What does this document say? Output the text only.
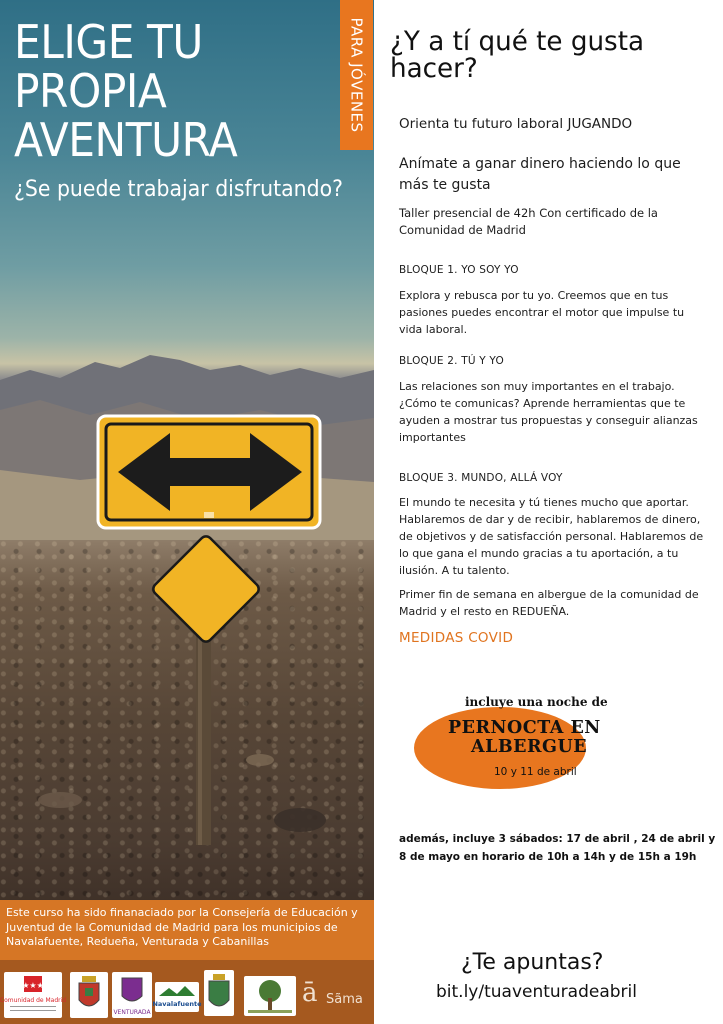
ELIGE TU
PROPIA
AVENTURA
¿Se puede trabajar disfrutando?
PARA JÓVENES
Este curso ha sido finanaciado por la Consejería de Educación y Juventud de la Comunidad de Madrid para los municipios de Navalafuente, Redueña, Venturada y Cabanillas
★★★
Comunidad de Madrid
VENTURADA
Navalafuente	ā Sãma
¿Y a tí qué te gusta
hacer?
Orienta tu futuro laboral JUGANDO
Anímate a ganar dinero haciendo lo que más te gusta
Taller presencial de 42h Con certificado de la Comunidad de Madrid
BLOQUE 1. YO SOY YO
Explora y rebusca por tu yo. Creemos que en tus pasiones puedes encontrar el motor que impulse tu vida laboral.
BLOQUE 2. TÚ Y YO
Las relaciones son muy importantes en el trabajo. ¿Cómo te comunicas? Aprende herramientas que te ayuden a mostrar tus propuestas y conseguir alianzas importantes
BLOQUE 3. MUNDO, ALLÁ VOY
El mundo te necesita y tú tienes mucho que aportar. Hablaremos de dar y de recibir, hablaremos de dinero, de objetivos y de satisfacción personal. Hablaremos de lo que gana el mundo gracias a tu aportación, a tu ilusión. A tu talento.
Primer fin de semana en albergue de la comunidad de Madrid y el resto en REDUEÑA.
MEDIDAS COVID
incluye una noche de
PERNOCTA EN
ALBERGUE
10 y 11 de abril
además, incluye 3 sábados: 17 de abril , 24 de abril y 8 de mayo en horario de 10h a 14h y de 15h a 19h
¿Te apuntas?
bit.ly/tuaventuradeabril
